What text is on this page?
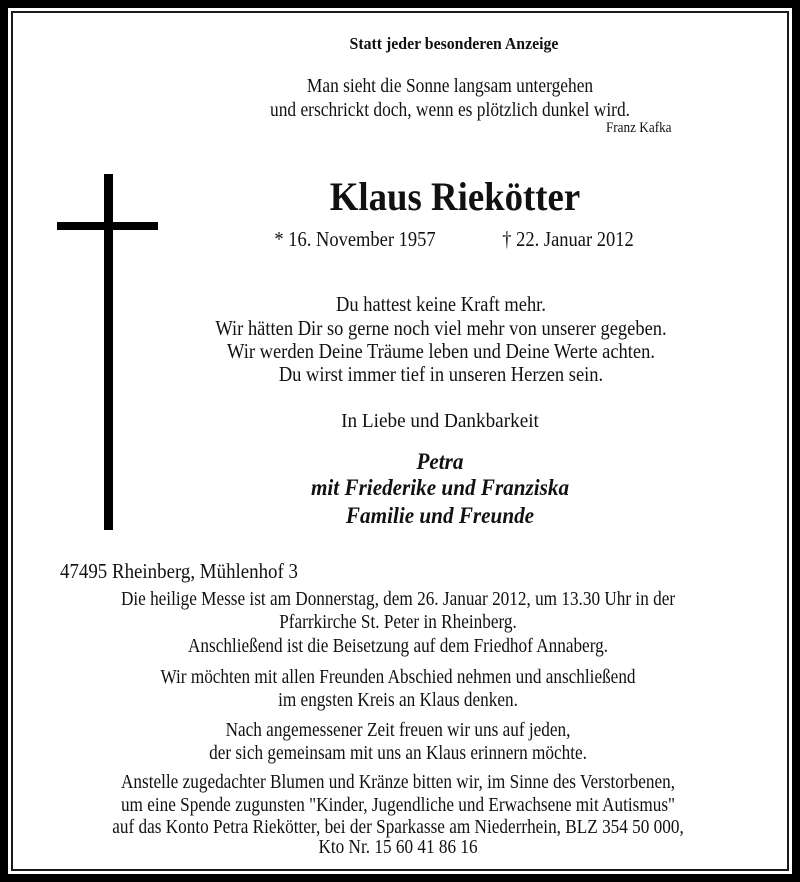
Statt jeder besonderen Anzeige
Man sieht die Sonne langsam untergehen
und erschrickt doch, wenn es plötzlich dunkel wird.
Franz Kafka
Klaus Riekötter
* 16. November 1957	† 22. Januar 2012
Du hattest keine Kraft mehr.
Wir hätten Dir so gerne noch viel mehr von unserer gegeben.
Wir werden Deine Träume leben und Deine Werte achten.
Du wirst immer tief in unseren Herzen sein.
In Liebe und Dankbarkeit
Petra
mit Friederike und Franziska
Familie und Freunde
47495 Rheinberg, Mühlenhof 3
Die heilige Messe ist am Donnerstag, dem 26. Januar 2012, um 13.30 Uhr in der
Pfarrkirche St. Peter in Rheinberg.
Anschließend ist die Beisetzung auf dem Friedhof Annaberg.
Wir möchten mit allen Freunden Abschied nehmen und anschließend
im engsten Kreis an Klaus denken.
Nach angemessener Zeit freuen wir uns auf jeden,
der sich gemeinsam mit uns an Klaus erinnern möchte.
Anstelle zugedachter Blumen und Kränze bitten wir, im Sinne des Verstorbenen,
um eine Spende zugunsten "Kinder, Jugendliche und Erwachsene mit Autismus"
auf das Konto Petra Riekötter, bei der Sparkasse am Niederrhein, BLZ 354 50 000,
Kto Nr. 15 60 41 86 16
